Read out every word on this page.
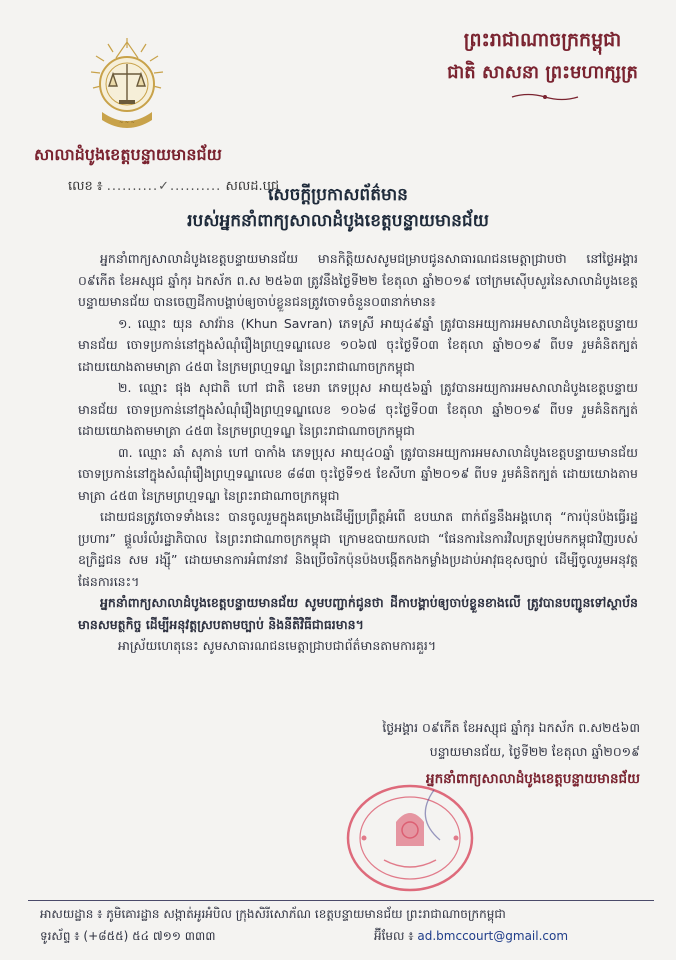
ព្រះរាជាណាចក្រកម្ពុជា
ជាតិ សាសនា ព្រះមហាក្សត្រ
~ ~ ~
សាលាដំបូងខេត្តបន្ទាយមានជ័យ
លេខ ៖ ..........✓.......... សលដ.បជ
សេចក្តីប្រកាសព័ត៌មាន
របស់អ្នកនាំពាក្យសាលាដំបូងខេត្តបន្ទាយមានជ័យ

អ្នកនាំពាក្យសាលាដំបូងខេត្តបន្ទាយមានជ័យ មានកិត្តិយសសូមជម្រាបជូនសាធារណជនមេត្តាជ្រាបថា នៅថ្ងៃអង្គារ ០៩កើត ខែអស្សុជ ឆ្នាំកុរ ឯកស័ក ព.ស ២៥៦៣ ត្រូវនឹងថ្ងៃទី២២ ខែតុលា ឆ្នាំ២០១៩ ចៅក្រមស៊ើបសួរនៃសាលាដំបូងខេត្តបន្ទាយមានជ័យ បានចេញដីកាបង្គាប់ឲ្យចាប់ខ្លួនជនត្រូវចោទចំនួន០៣នាក់មាន៖

១. ឈ្មោះ យុន សាវរ៉ាន (Khun Savran) ភេទស្រី អាយុ៤៩ឆ្នាំ ត្រូវបានអយ្យការអមសាលាដំបូងខេត្តបន្ទាយមានជ័យ ចោទប្រកាន់នៅក្នុងសំណុំរឿងព្រហ្មទណ្ឌលេខ ១០៦៧ ចុះថ្ងៃទី០៣ ខែតុលា ឆ្នាំ២០១៩ ពីបទ រួមគំនិតក្បត់ ដោយយោងតាមមាត្រា ៤៥៣ នៃក្រមព្រហ្មទណ្ឌ នៃព្រះរាជាណាចក្រកម្ពុជា

២. ឈ្មោះ ផុង សុជាតិ ហៅ ជាតិ ខេមរា ភេទប្រុស អាយុ៥៦ឆ្នាំ ត្រូវបានអយ្យការអមសាលាដំបូងខេត្តបន្ទាយមានជ័យ ចោទប្រកាន់នៅក្នុងសំណុំរឿងព្រហ្មទណ្ឌលេខ ១០៦៨ ចុះថ្ងៃទី០៣ ខែតុលា ឆ្នាំ២០១៩ ពីបទ រួមគំនិតក្បត់ ដោយយោងតាមមាត្រា ៤៥៣ នៃក្រមព្រហ្មទណ្ឌ នៃព្រះរាជាណាចក្រកម្ពុជា

៣. ឈ្មោះ ឆាំ សុភាន់ ហៅ បាកាំង ភេទប្រុស អាយុ៤០ឆ្នាំ ត្រូវបានអយ្យការអមសាលាដំបូងខេត្តបន្ទាយមានជ័យ ចោទប្រកាន់នៅក្នុងសំណុំរឿងព្រហ្មទណ្ឌលេខ ៨៨៣ ចុះថ្ងៃទី១៥ ខែសីហា ឆ្នាំ២០១៩ ពីបទ រួមគំនិតក្បត់ ដោយយោងតាមមាត្រា ៤៥៣ នៃក្រមព្រហ្មទណ្ឌ នៃព្រះរាជាណាចក្រកម្ពុជា

ដោយជនត្រូវចោទទាំងនេះ បានចូលរួមក្នុងគម្រោងដើម្បីប្រព្រឹត្តអំពើ ឧបឃាត ពាក់ព័ន្ធនឹងអង្គហេតុ “ការប៉ុនប៉ងធ្វើរដ្ឋប្រហារ” ផ្តួលរំលំរដ្ឋាភិបាល នៃព្រះរាជាណាចក្រកម្ពុជា ក្រោមឧបាយកលជា “ផែនការនៃការវិលត្រឡប់មកកម្ពុជាវិញរបស់ឧក្រិដ្ឋជន សម រង្ស៊ី” ដោយមានការអំពាវនាវ និងប្រើចរិកប៉ុនប៉ងបង្កើតកងកម្លាំងប្រដាប់អាវុធខុសច្បាប់ ដើម្បីចូលរួមអនុវត្តផែនការនេះ។

អ្នកនាំពាក្យសាលាដំបូងខេត្តបន្ទាយមានជ័យ សូមបញ្ជាក់ជូនថា ដីកាបង្គាប់ឲ្យចាប់ខ្លួនខាងលើ ត្រូវបានបញ្ជូនទៅស្ថាប័នមានសមត្ថកិច្ច ដើម្បីអនុវត្តស្របតាមច្បាប់ និងនីតិវិធីជាធរមាន។

អាស្រ័យហេតុនេះ សូមសាធារណជនមេត្តាជ្រាបជាព័ត៌មានតាមការគួរ។

ថ្ងៃអង្គារ ០៩កើត ខែអស្សុជ ឆ្នាំកុរ ឯកស័ក ព.ស២៥៦៣
បន្ទាយមានជ័យ, ថ្ងៃទី២២ ខែតុលា ឆ្នាំ២០១៩
អ្នកនាំពាក្យសាលាដំបូងខេត្តបន្ទាយមានជ័យ
អាសយដ្ឋាន ៖ ភូមិគោរដ្ឋាន សង្កាត់អូរអំបិល ក្រុងសិរីសោភ័ណ ខេត្តបន្ទាយមានជ័យ ព្រះរាជាណាចក្រកម្ពុជា
ទូរស័ព្ទ ៖ (+៨៥៥) ៥៤ ៧១១ ៣៣៣	អ៊ីមែល ៖ ad.bmccourt@gmail.com
